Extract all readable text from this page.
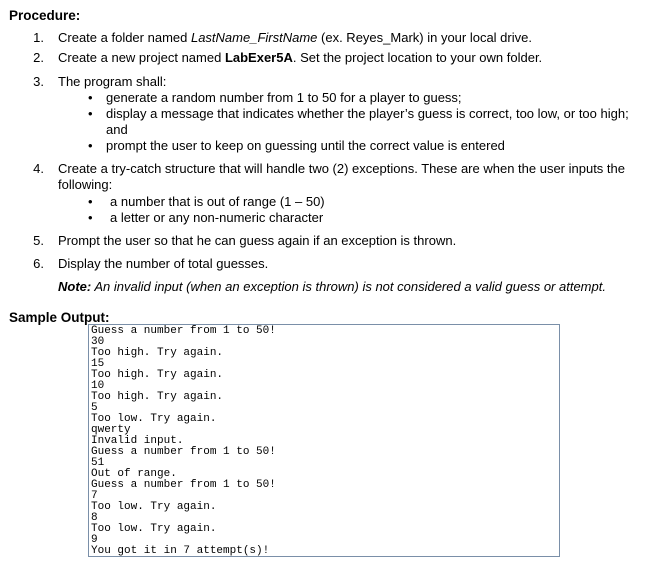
Procedure:
1. Create a folder named LastName_FirstName (ex. Reyes_Mark) in your local drive.
2. Create a new project named LabExer5A. Set the project location to your own folder.
3. The program shall:
• generate a random number from 1 to 50 for a player to guess;
• display a message that indicates whether the player’s guess is correct, too low, or too high;
and
• prompt the user to keep on guessing until the correct value is entered
4. Create a try-catch structure that will handle two (2) exceptions. These are when the user inputs the
following:
• a number that is out of range (1 – 50)
• a letter or any non-numeric character
5. Prompt the user so that he can guess again if an exception is thrown.
6. Display the number of total guesses.
Note: An invalid input (when an exception is thrown) is not considered a valid guess or attempt.
Sample Output:
Guess a number from 1 to 50!
30
Too high. Try again.
15
Too high. Try again.
10
Too high. Try again.
5
Too low. Try again.
qwerty
Invalid input.
Guess a number from 1 to 50!
51
Out of range.
Guess a number from 1 to 50!
7
Too low. Try again.
8
Too low. Try again.
9
You got it in 7 attempt(s)!
